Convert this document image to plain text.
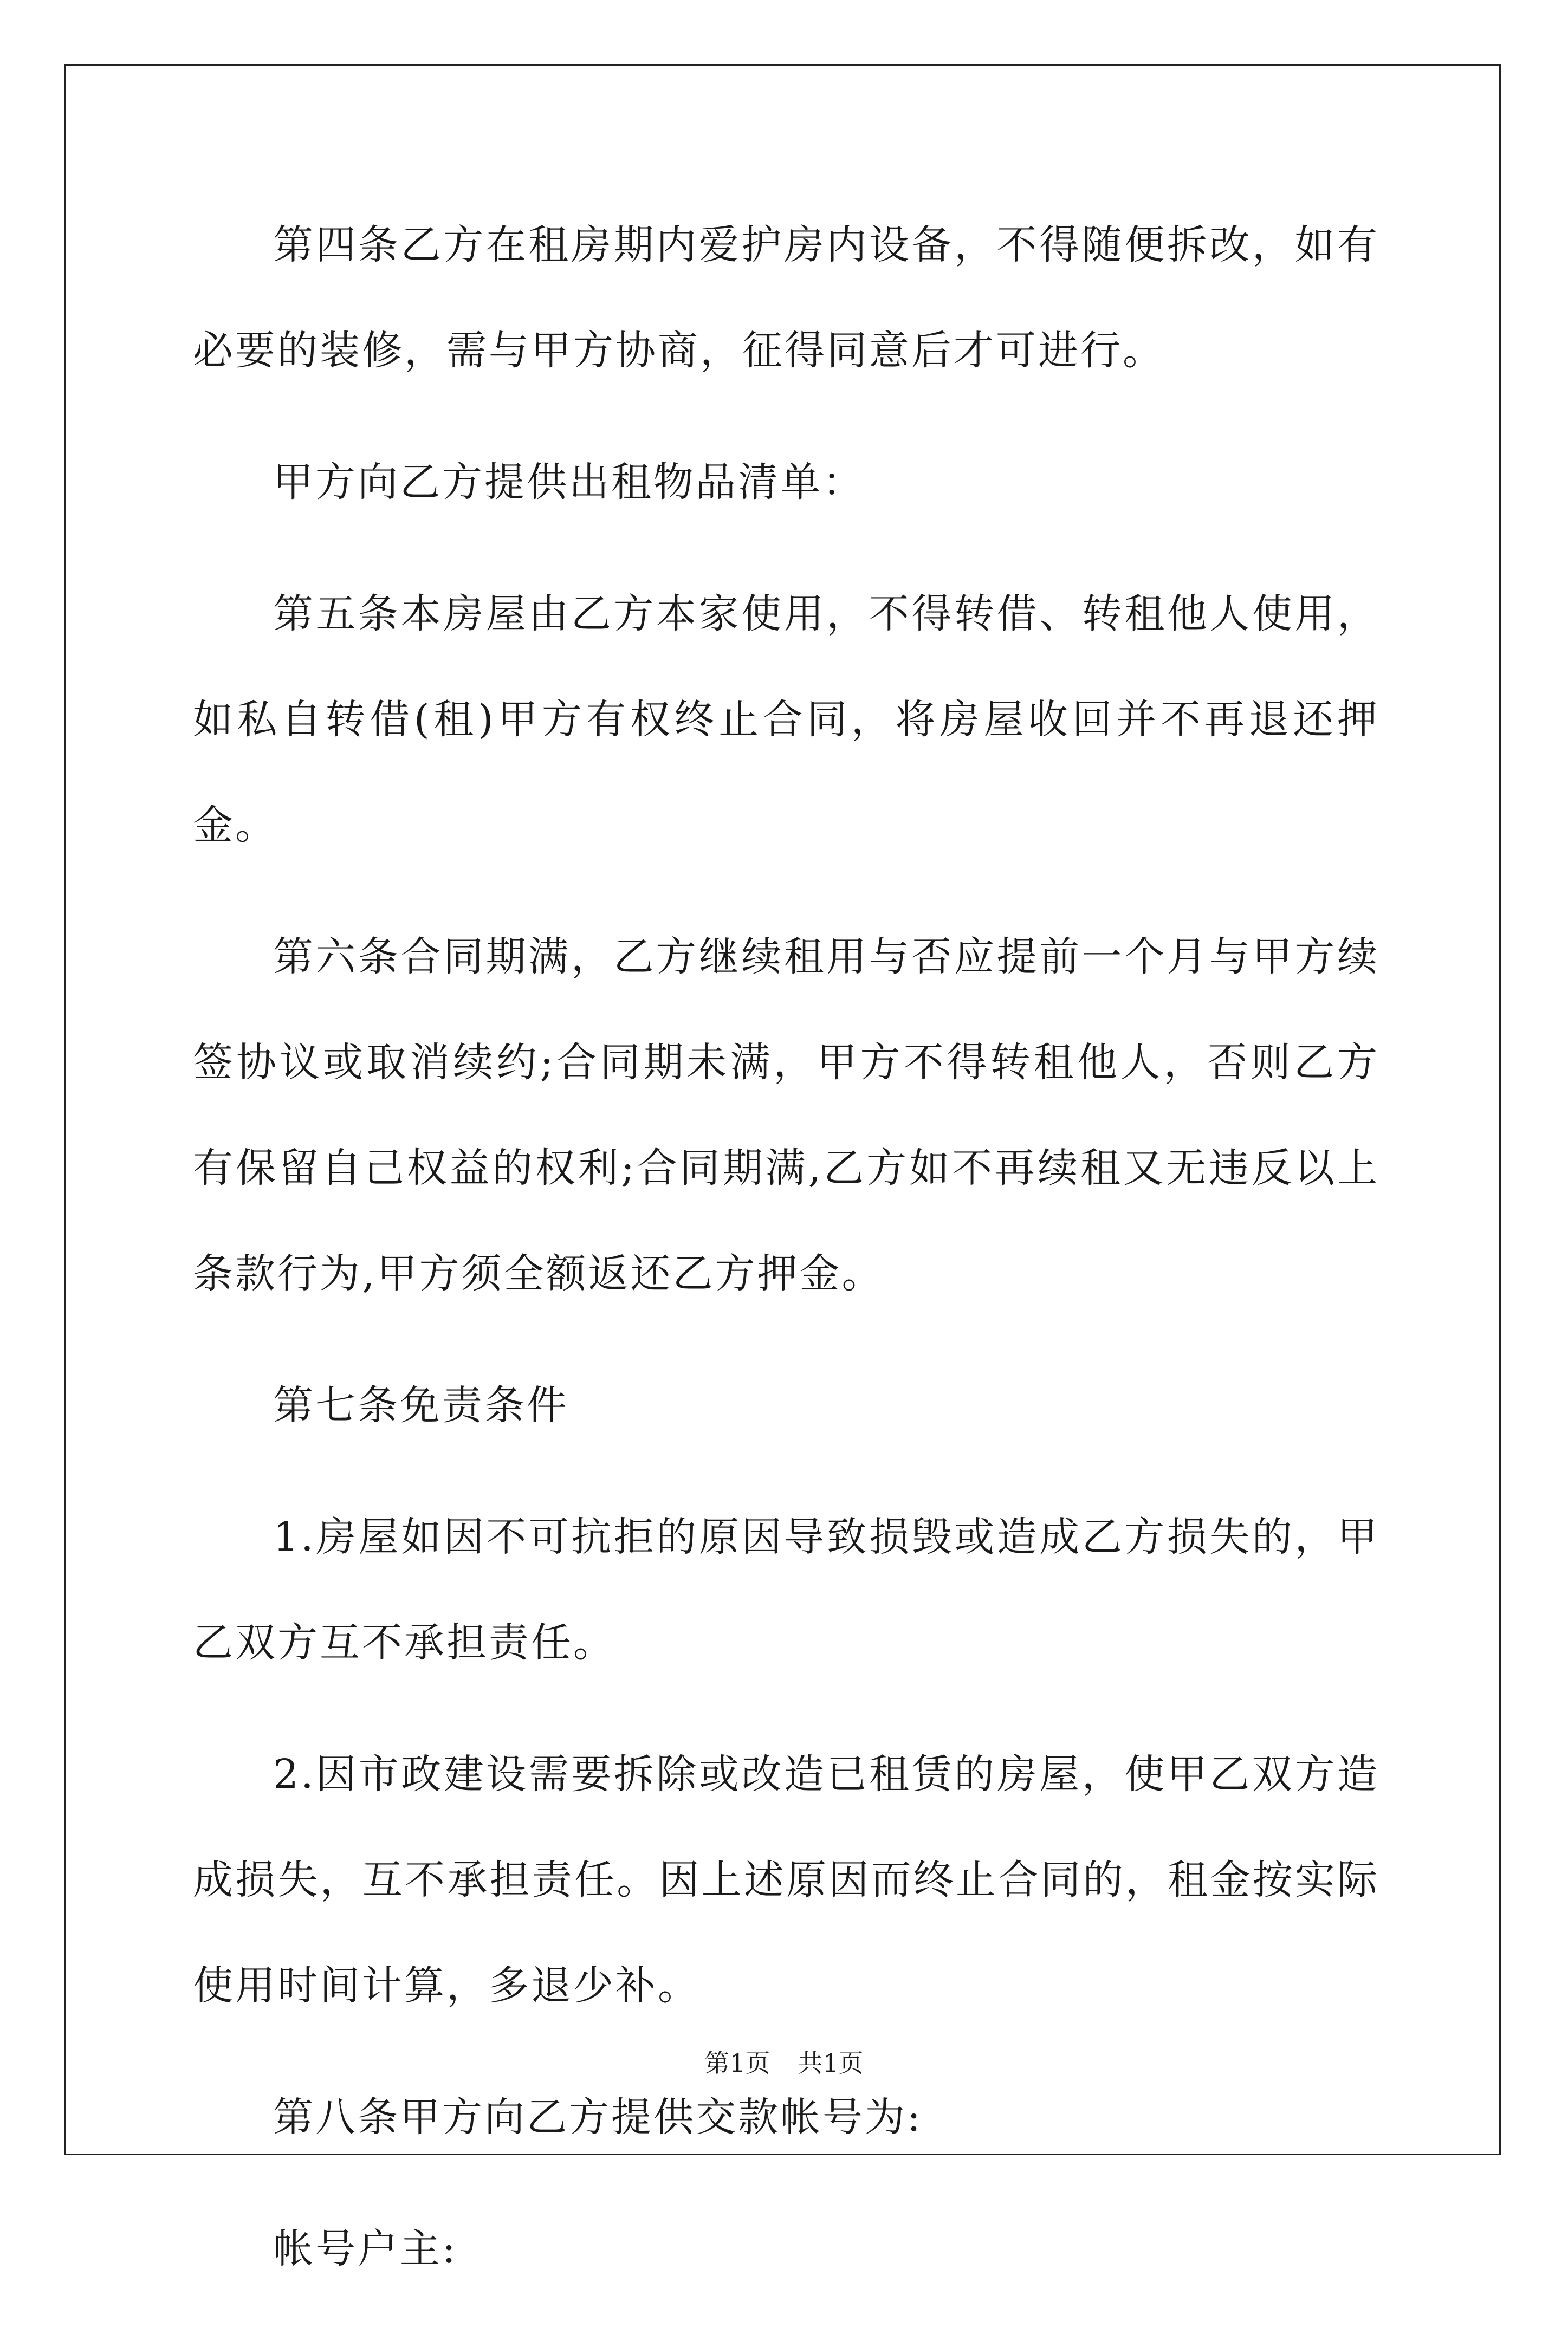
第四条乙方在租房期内爱护房内设备，不得随便拆改，如有必要的装修，需与甲方协商，征得同意后才可进行。

甲方向乙方提供出租物品清单：

第五条本房屋由乙方本家使用，不得转借、转租他人使用，如私自转借(租)甲方有权终止合同，将房屋收回并不再退还押金。

第六条合同期满，乙方继续租用与否应提前一个月与甲方续签协议或取消续约;合同期未满，甲方不得转租他人，否则乙方有保留自己权益的权利;合同期满,乙方如不再续租又无违反以上条款行为,甲方须全额返还乙方押金。

第七条免责条件

1.房屋如因不可抗拒的原因导致损毁或造成乙方损失的，甲乙双方互不承担责任。

2.因市政建设需要拆除或改造已租赁的房屋，使甲乙双方造成损失，互不承担责任。因上述原因而终止合同的，租金按实际使用时间计算，多退少补。

第八条甲方向乙方提供交款帐号为:

帐号户主:

第1页 共1页
